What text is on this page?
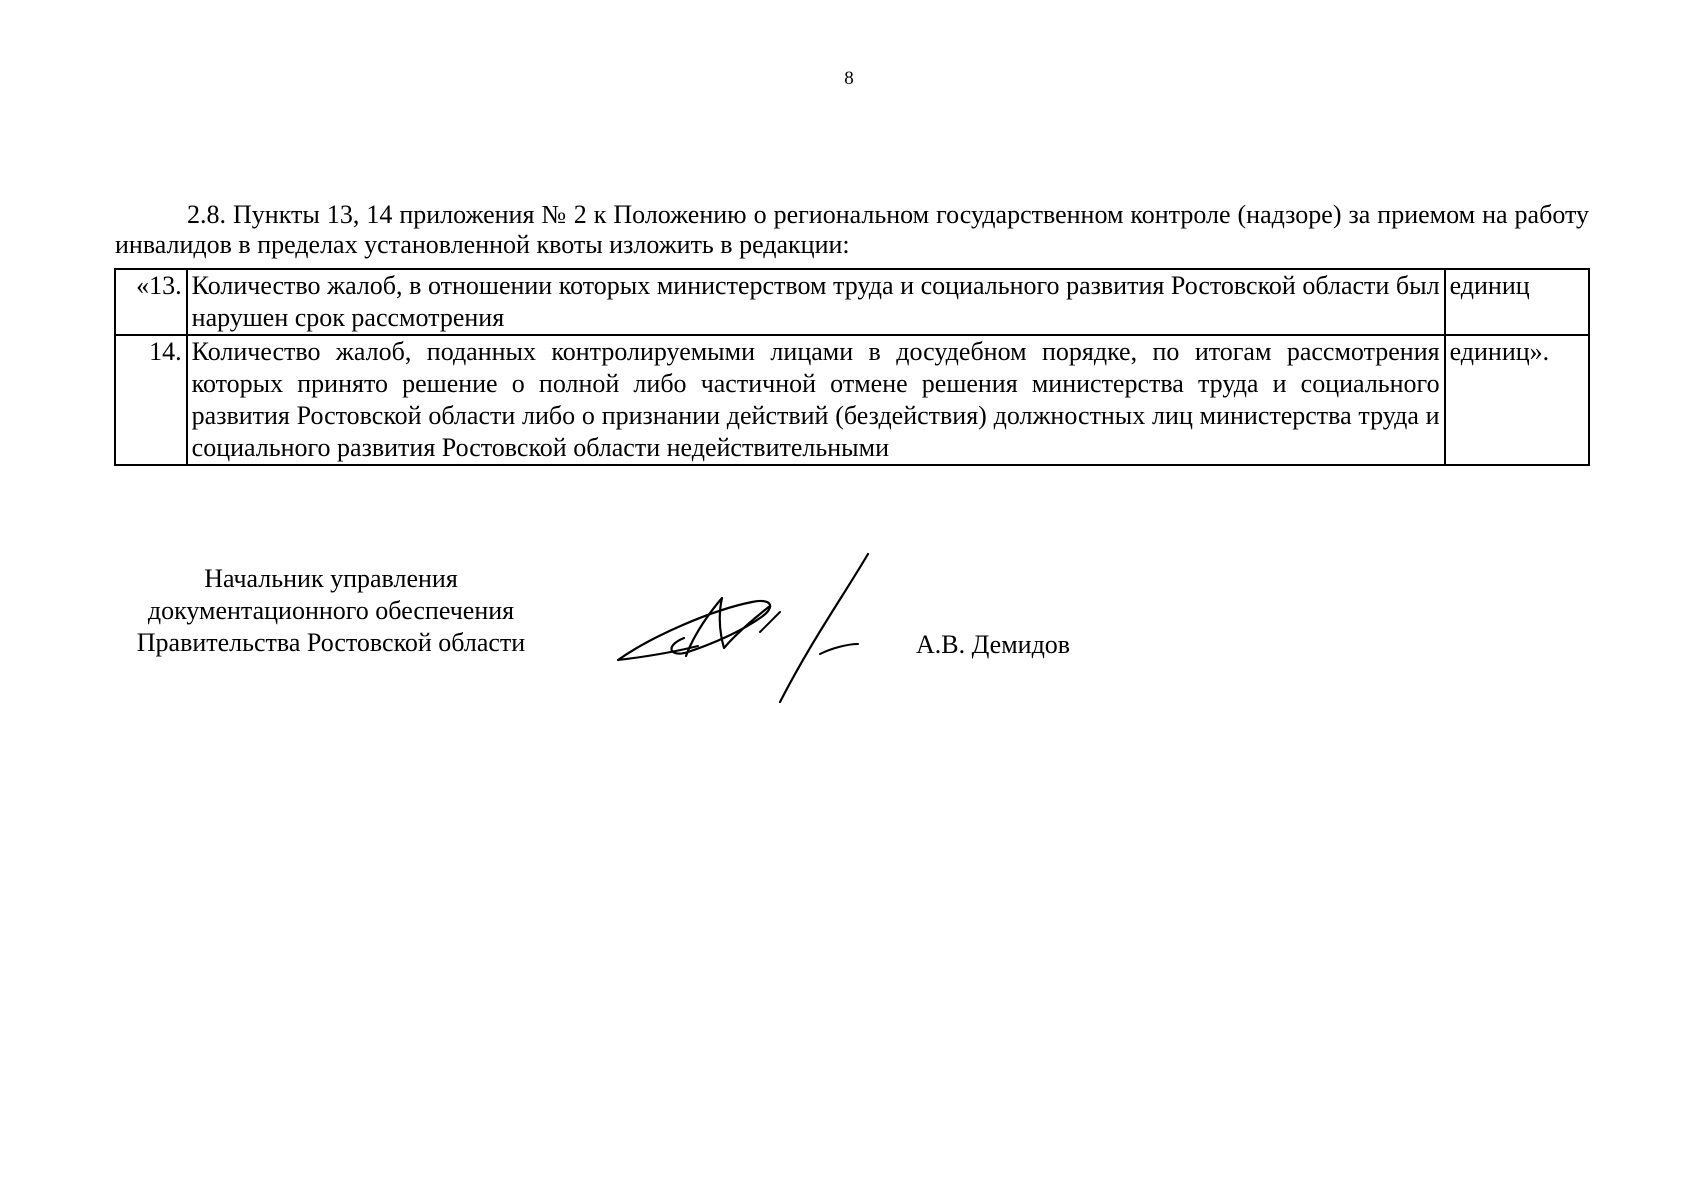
8

2.8. Пункты 13, 14 приложения № 2 к Положению о региональном государственном контроле (надзоре) за приемом на работу инвалидов в пределах установленной квоты изложить в редакции:

«13.	Количество жалоб, в отношении которых министерством труда и социального развития Ростовской области был нарушен срок рассмотрения	единиц
14.	Количество жалоб, поданных контролируемыми лицами в досудебном порядке, по итогам рассмотрения которых принято решение о полной либо частичной отмене решения министерства труда и социального развития Ростовской области либо о признании действий (бездействия) должностных лиц министерства труда и социального развития Ростовской области недействительными	единиц».
Начальник управления
документационного обеспечения
Правительства Ростовской области	А.В. Демидов
